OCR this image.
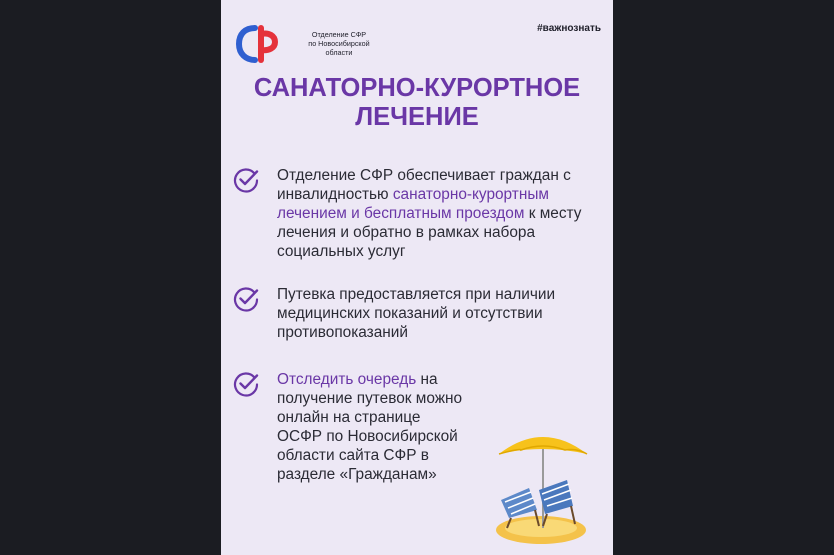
Отделение СФР
по Новосибирской
области
#важнознать
САНАТОРНО-КУРОРТНОЕ
ЛЕЧЕНИЕ
Отделение СФР обеспечивает граждан с инвалидностью санаторно-курортным лечением и бесплатным проездом к месту лечения и обратно в рамках набора социальных услуг
Путевка предоставляется при наличии медицинских показаний и отсутствии противопоказаний
Отследить очередь на получение путевок можно онлайн на странице ОСФР по Новосибирской области сайта СФР в разделе «Гражданам»
